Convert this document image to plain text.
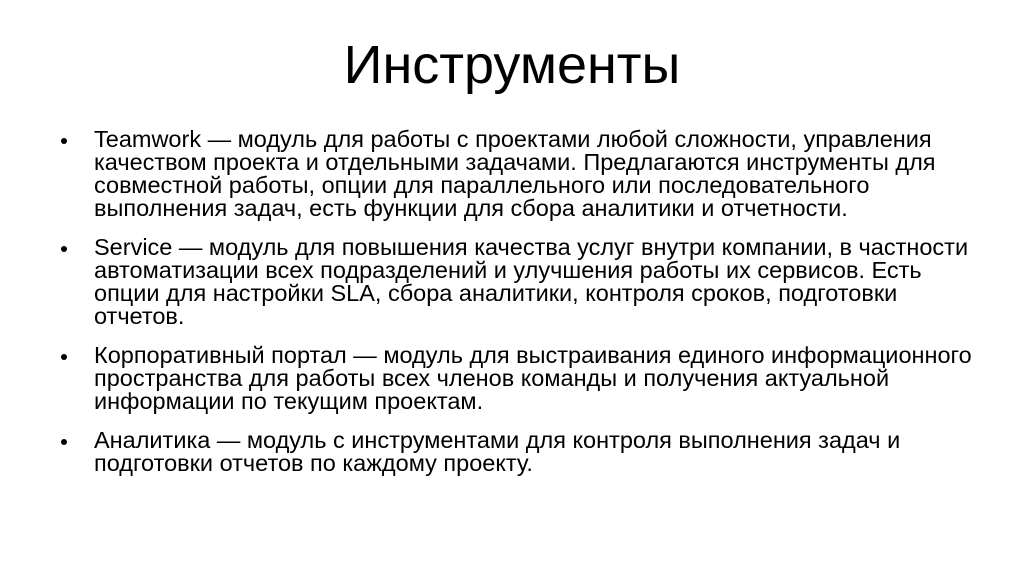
Инструменты
Teamwork — модуль для работы с проектами любой сложности, управления качеством проекта и отдельными задачами. Предлагаются инструменты для совместной работы, опции для параллельного или последовательного выполнения задач, есть функции для сбора аналитики и отчетности.
Service — модуль для повышения качества услуг внутри компании, в частности автоматизации всех подразделений и улучшения работы их сервисов. Есть опции для настройки SLA, сбора аналитики, контроля сроков, подготовки отчетов.
Корпоративный портал — модуль для выстраивания единого информационного пространства для работы всех членов команды и получения актуальной информации по текущим проектам.
Аналитика — модуль с инструментами для контроля выполнения задач и подготовки отчетов по каждому проекту.
